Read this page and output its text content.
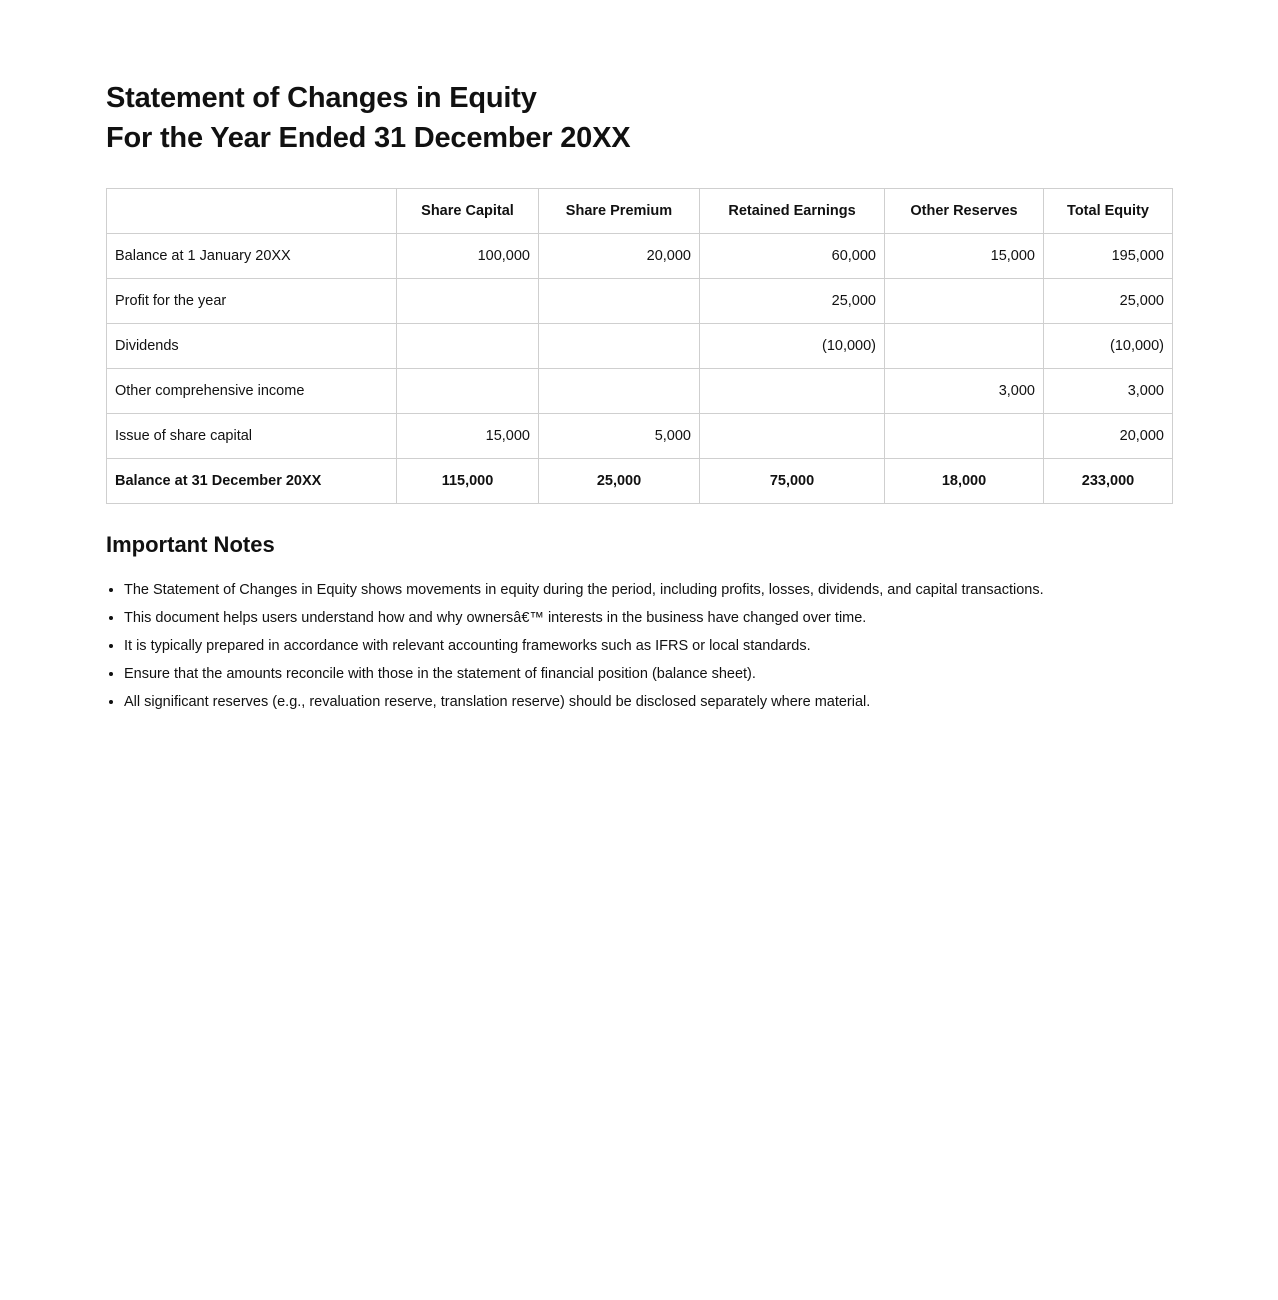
Statement of Changes in Equity
For the Year Ended 31 December 20XX
	Share Capital	Share Premium	Retained Earnings	Other Reserves	Total Equity
Balance at 1 January 20XX	100,000	20,000	60,000	15,000	195,000
Profit for the year			25,000		25,000
Dividends			(10,000)		(10,000)
Other comprehensive income				3,000	3,000
Issue of share capital	15,000	5,000			20,000
Balance at 31 December 20XX	115,000	25,000	75,000	18,000	233,000
Important Notes
• The Statement of Changes in Equity shows movements in equity during the period, including profits, losses, dividends, and capital transactions.
• This document helps users understand how and why ownersâ€™ interests in the business have changed over time.
• It is typically prepared in accordance with relevant accounting frameworks such as IFRS or local standards.
• Ensure that the amounts reconcile with those in the statement of financial position (balance sheet).
• All significant reserves (e.g., revaluation reserve, translation reserve) should be disclosed separately where material.
